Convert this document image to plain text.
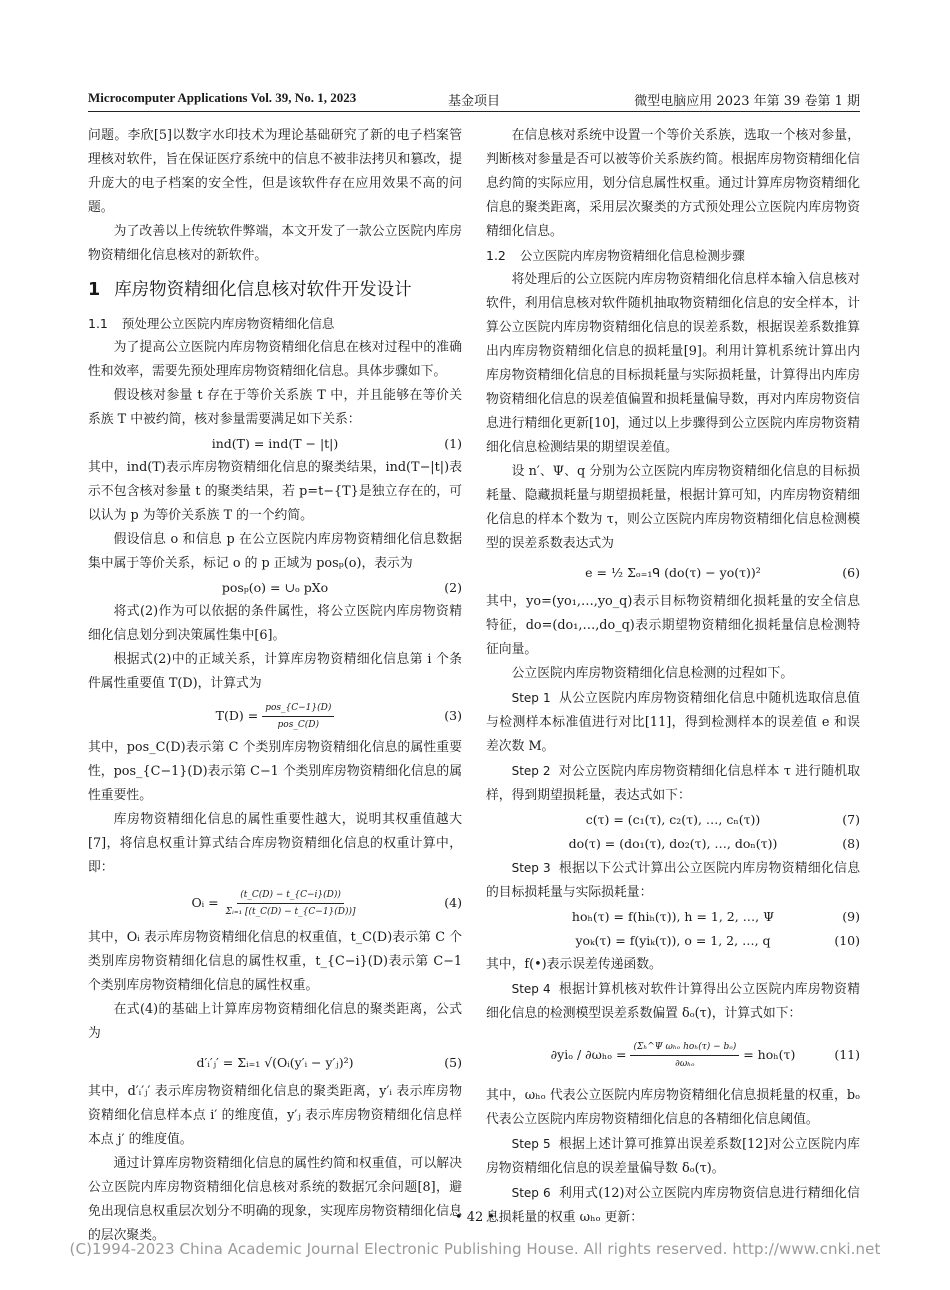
Microcomputer Applications Vol. 39, No. 1, 2023	基金项目	微型电脑应用 2023 年第 39 卷第 1 期

问题。李欣[5]以数字水印技术为理论基础研究了新的电子档案管理核对软件，旨在保证医疗系统中的信息不被非法拷贝和篡改，提升庞大的电子档案的安全性，但是该软件存在应用效果不高的问题。

为了改善以上传统软件弊端，本文开发了一款公立医院内库房物资精细化信息核对的新软件。

1 库房物资精细化信息核对软件开发设计
1.1 预处理公立医院内库房物资精细化信息

为了提高公立医院内库房物资精细化信息在核对过程中的准确性和效率，需要先预处理库房物资精细化信息。具体步骤如下。

假设核对参量 t 存在于等价关系族 T 中，并且能够在等价关系族 T 中被约简，核对参量需要满足如下关系：

ind(T) = ind(T − |t|)	(1)

其中，ind(T)表示库房物资精细化信息的聚类结果，ind(T−|t|)表示不包含核对参量 t 的聚类结果，若 p=t−{T}是独立存在的，可以认为 p 为等价关系族 T 的一个约简。

假设信息 o 和信息 p 在公立医院内库房物资精细化信息数据集中属于等价关系，标记 o 的 p 正域为 posₚ(o)，表示为

posₚ(o) = ∪ₒ pXo	(2)

将式(2)作为可以依据的条件属性，将公立医院内库房物资精细化信息划分到决策属性集中[6]。

根据式(2)中的正域关系，计算库房物资精细化信息第 i 个条件属性重要值 T(D)，计算式为

T(D) =
$\frac{\text{pos\_\{C−1\}(D)}}{\text{pos\_C(D)}}$	(3)

其中，pos_C(D)表示第 C 个类别库房物资精细化信息的属性重要性，pos_{C−1}(D)表示第 C−1 个类别库房物资精细化信息的属性重要性。

库房物资精细化信息的属性重要性越大，说明其权重值越大[7]，将信息权重计算式结合库房物资精细化信息的权重计算中，即：

Oᵢ =
$\frac{(t\_C(D) - t\_\{C-i\}(D))}{\text{Σᵢ₌₁ [(t\_C(D) − t\_\{C−1\}(D))]}}$	(4)

其中，Oᵢ 表示库房物资精细化信息的权重值，t_C(D)表示第 C 个类别库房物资精细化信息的属性权重，t_{C−i}(D)表示第 C−1 个类别库房物资精细化信息的属性权重。

在式(4)的基础上计算库房物资精细化信息的聚类距离，公式为

d′ᵢ′ⱼ′ = Σᵢ₌₁ √(Oᵢ(y′ᵢ − y′ⱼ)²)	(5)

其中，d′ᵢ′ⱼ′ 表示库房物资精细化信息的聚类距离，y′ᵢ 表示库房物资精细化信息样本点 i′ 的维度值，y′ⱼ 表示库房物资精细化信息样本点 j′ 的维度值。

通过计算库房物资精细化信息的属性约简和权重值，可以解决公立医院内库房物资精细化信息核对系统的数据冗余问题[8]，避免出现信息权重层次划分不明确的现象，实现库房物资精细化信息的层次聚类。

在信息核对系统中设置一个等价关系族，选取一个核对参量，判断核对参量是否可以被等价关系族约简。根据库房物资精细化信息约简的实际应用，划分信息属性权重。通过计算库房物资精细化信息的聚类距离，采用层次聚类的方式预处理公立医院内库房物资精细化信息。

1.2 公立医院内库房物资精细化信息检测步骤

将处理后的公立医院内库房物资精细化信息样本输入信息核对软件，利用信息核对软件随机抽取物资精细化信息的安全样本，计算公立医院内库房物资精细化信息的误差系数，根据误差系数推算出内库房物资精细化信息的损耗量[9]。利用计算机系统计算出内库房物资精细化信息的目标损耗量与实际损耗量，计算得出内库房物资精细化信息的误差值偏置和损耗量偏导数，再对内库房物资信息进行精细化更新[10]，通过以上步骤得到公立医院内库房物资精细化信息检测结果的期望误差值。

设 n′、Ψ、q 分别为公立医院内库房物资精细化信息的目标损耗量、隐藏损耗量与期望损耗量，根据计算可知，内库房物资精细化信息的样本个数为 τ，则公立医院内库房物资精细化信息检测模型的误差系数表达式为

e = ½ Σₒ₌₁ᑫ (do(τ) − yo(τ))²	(6)

其中，yo=(yo₁,…,yo_q)表示目标物资精细化损耗量的安全信息特征，do=(do₁,…,do_q)表示期望物资精细化损耗量信息检测特征向量。

公立医院内库房物资精细化信息检测的过程如下。

Step 1 从公立医院内库房物资精细化信息中随机选取信息值与检测样本标准值进行对比[11]，得到检测样本的误差值 e 和误差次数 M。

Step 2 对公立医院内库房物资精细化信息样本 τ 进行随机取样，得到期望损耗量，表达式如下：

c(τ) = (c₁(τ), c₂(τ), …, cₙ(τ))	(7)
do(τ) = (do₁(τ), do₂(τ), …, doₙ(τ))	(8)

Step 3 根据以下公式计算出公立医院内库房物资精细化信息的目标损耗量与实际损耗量：

hoₕ(τ) = f(hiₕ(τ)), h = 1, 2, …, Ψ	(9)
yoₖ(τ) = f(yiₖ(τ)), o = 1, 2, …, q	(10)

其中，f(•)表示误差传递函数。

Step 4 根据计算机核对软件计算得出公立医院内库房物资精细化信息的检测模型误差系数偏置 δₒ(τ)，计算式如下：

∂yiₒ / ∂ωₕₒ =
$\frac{\text{(Σₕ\textasciicircum{}Ψ ωₕₒ hoₕ(τ) − bₒ)}}{\text{∂ωₕₒ}}$
= hoₕ(τ)	(11)

其中，ωₕₒ 代表公立医院内库房物资精细化信息损耗量的权重，bₒ 代表公立医院内库房物资精细化信息的各精细化信息阈值。

Step 5 根据上述计算可推算出误差系数[12]对公立医院内库房物资精细化信息的误差量偏导数 δₒ(τ)。

Step 6 利用式(12)对公立医院内库房物资信息进行精细化信息损耗量的权重 ωₕₒ 更新：

• 42 •
(C)1994-2023 China Academic Journal Electronic Publishing House. All rights reserved. http://www.cnki.net
